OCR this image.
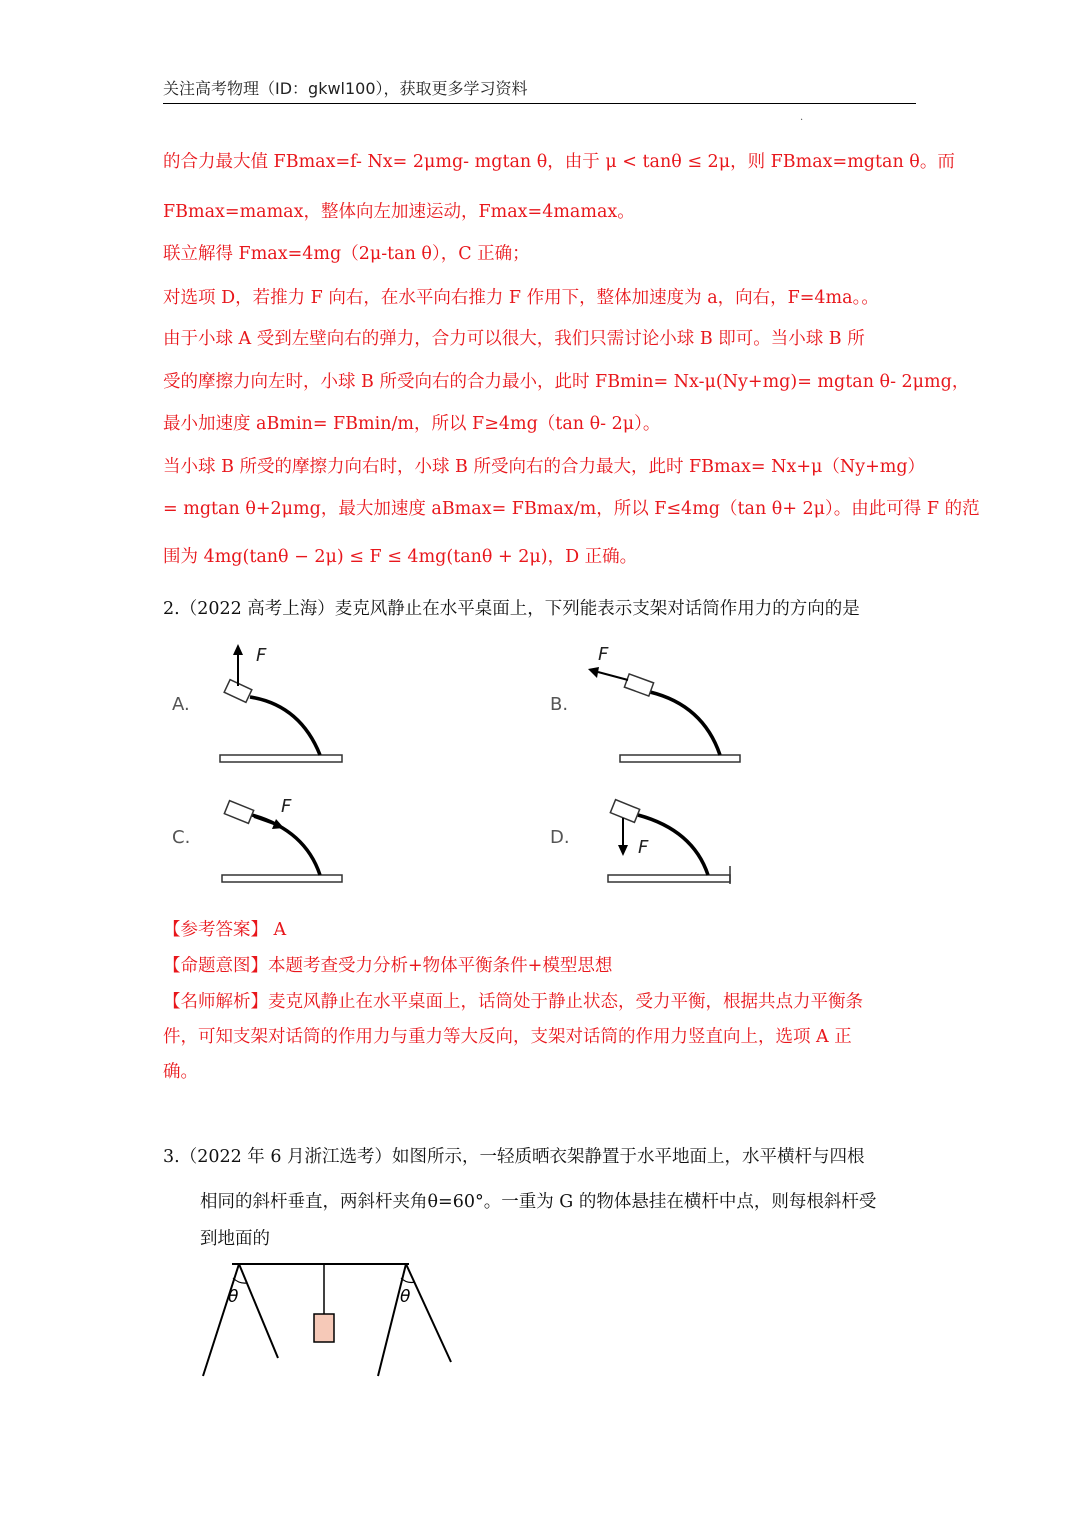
关注高考物理（ID：gkwl100），获取更多学习资料
.
的合力最大值 FBmax=f- Nx= 2μmg- mgtan θ，由于 μ < tanθ ≤ 2μ，则 FBmax=mgtan θ。而
FBmax=mamax，整体向左加速运动，Fmax=4mamax。
联立解得 Fmax=4mg（2μ-tan θ），C 正确；
对选项 D，若推力 F 向右，在水平向右推力 F 作用下，整体加速度为 a，向右，F=4ma。。
由于小球 A 受到左壁向右的弹力，合力可以很大，我们只需讨论小球 B 即可。当小球 B 所
受的摩擦力向左时，小球 B 所受向右的合力最小，此时 FBmin= Nx-μ(Ny+mg)= mgtan θ- 2μmg，
最小加速度 aBmin= FBmin/m，所以 F≥4mg（tan θ- 2μ）。
当小球 B 所受的摩擦力向右时，小球 B 所受向右的合力最大，此时 FBmax= Nx+μ（Ny+mg）
= mgtan θ+2μmg，最大加速度 aBmax= FBmax/m，所以 F≤4mg（tan θ+ 2μ）。由此可得 F 的范
围为 4mg(tanθ − 2μ) ≤ F ≤ 4mg(tanθ + 2μ)，D 正确。
2.（2022 高考上海）麦克风静止在水平桌面上，下列能表示支架对话筒作用力的方向的是
A.
F
B.
F
C.
F
D.	F
【参考答案】 A
【命题意图】本题考查受力分析+物体平衡条件+模型思想
【名师解析】麦克风静止在水平桌面上，话筒处于静止状态，受力平衡，根据共点力平衡条
件，可知支架对话筒的作用力与重力等大反向，支架对话筒的作用力竖直向上，选项 A 正
确。
3.（2022 年 6 月浙江选考）如图所示，一轻质晒衣架静置于水平地面上，水平横杆与四根
相同的斜杆垂直，两斜杆夹角θ=60°。一重为 G 的物体悬挂在横杆中点，则每根斜杆受
到地面的
θ	θ
